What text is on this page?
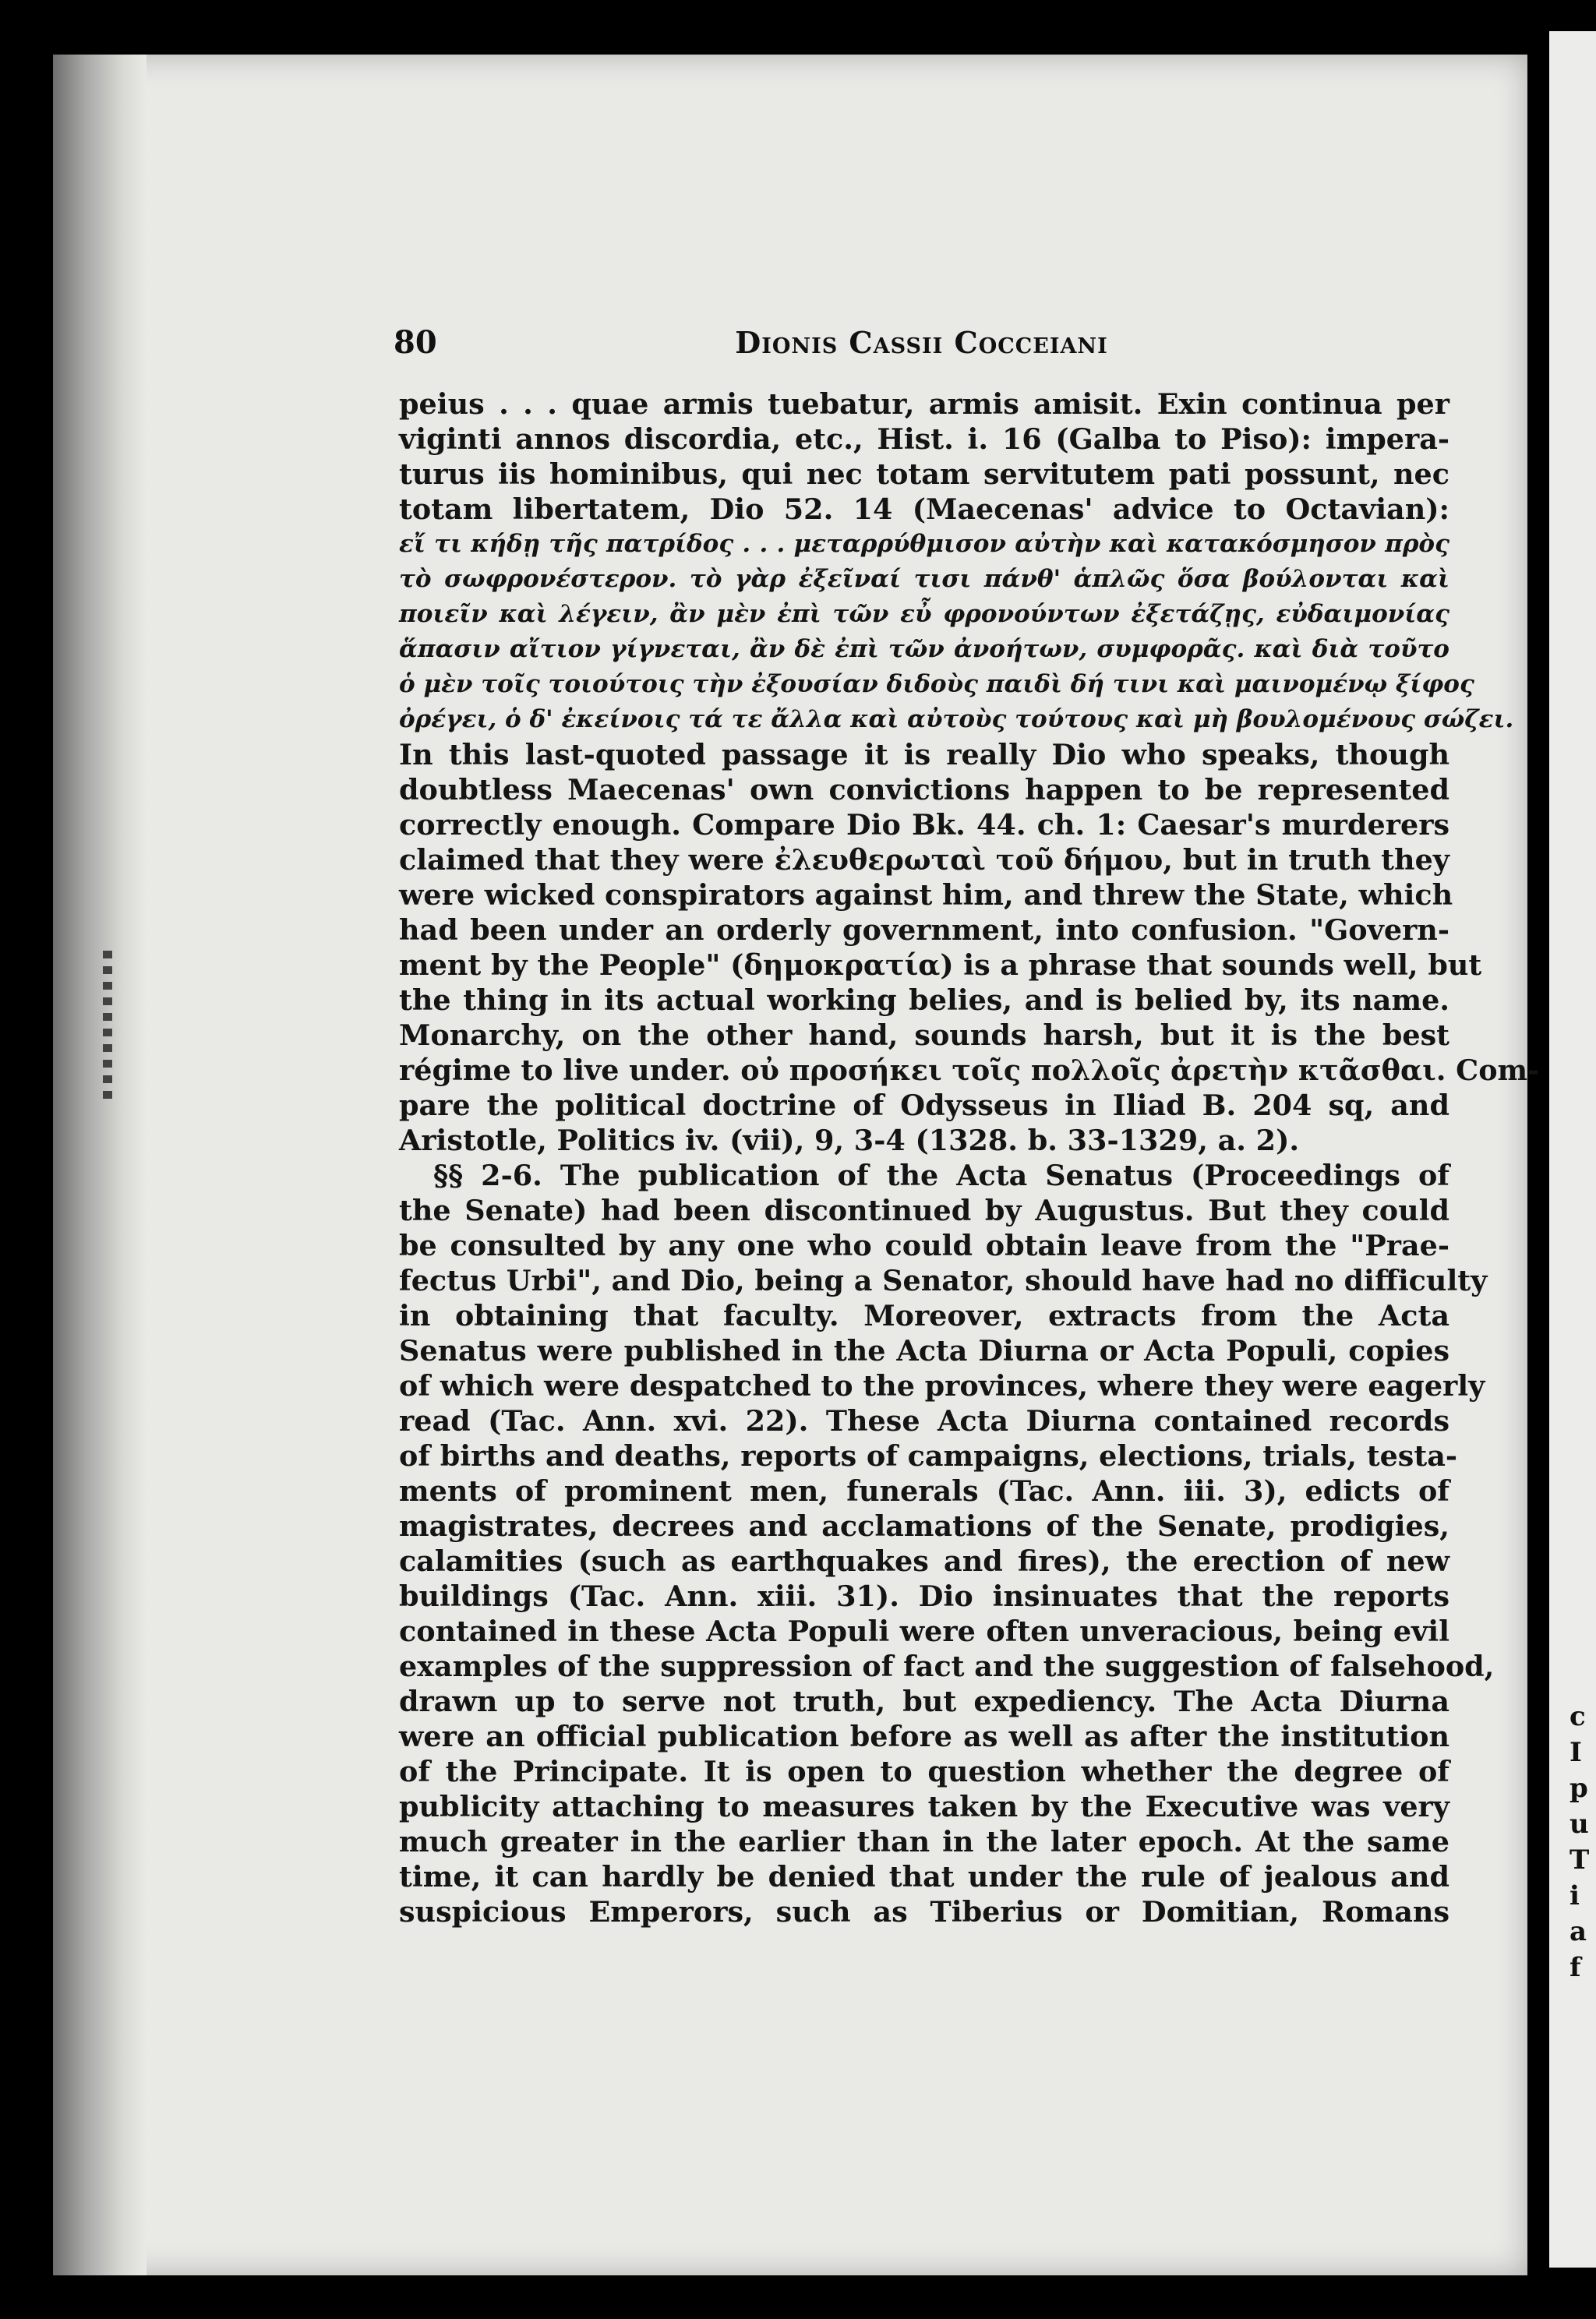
c
I
p
u
T
i
a
f
80	Dionis Cassii Cocceiani
peius . . . quae armis tuebatur, armis amisit. Exin continua per
viginti annos discordia, etc., Hist. i. 16 (Galba to Piso): impera-
turus iis hominibus, qui nec totam servitutem pati possunt, nec
totam libertatem, Dio 52. 14 (Maecenas' advice to Octavian):
εἴ τι κήδῃ τῆς πατρίδος . . . μεταρρύθμισον αὐτὴν καὶ κατακόσμησον πρὸς
τὸ σωφρονέστερον. τὸ γὰρ ἐξεῖναί τισι πάνθ' ἁπλῶς ὅσα βούλονται καὶ
ποιεῖν καὶ λέγειν, ἂν μὲν ἐπὶ τῶν εὖ φρονούντων ἐξετάζῃς, εὐδαιμονίας
ἅπασιν αἴτιον γίγνεται, ἂν δὲ ἐπὶ τῶν ἀνοήτων, συμφορᾶς. καὶ διὰ τοῦτο
ὁ μὲν τοῖς τοιούτοις τὴν ἐξουσίαν διδοὺς παιδὶ δή τινι καὶ μαινομένῳ ξίφος
ὀρέγει, ὁ δ' ἐκείνοις τά τε ἄλλα καὶ αὐτοὺς τούτους καὶ μὴ βουλομένους σώζει.
In this last-quoted passage it is really Dio who speaks, though
doubtless Maecenas' own convictions happen to be represented
correctly enough. Compare Dio Bk. 44. ch. 1: Caesar's murderers
claimed that they were ἐλευθερωταὶ τοῦ δήμου, but in truth they
were wicked conspirators against him, and threw the State, which
had been under an orderly government, into confusion. "Govern-
ment by the People" (δημοκρατία) is a phrase that sounds well, but
the thing in its actual working belies, and is belied by, its name.
Monarchy, on the other hand, sounds harsh, but it is the best
régime to live under. οὐ προσήκει τοῖς πολλοῖς ἀρετὴν κτᾶσθαι. Com-
pare the political doctrine of Odysseus in Iliad B. 204 sq, and
Aristotle, Politics iv. (vii), 9, 3-4 (1328. b. 33-1329, a. 2).
§§ 2-6. The publication of the Acta Senatus (Proceedings of
the Senate) had been discontinued by Augustus. But they could
be consulted by any one who could obtain leave from the "Prae-
fectus Urbi", and Dio, being a Senator, should have had no difficulty
in obtaining that faculty. Moreover, extracts from the Acta
Senatus were published in the Acta Diurna or Acta Populi, copies
of which were despatched to the provinces, where they were eagerly
read (Tac. Ann. xvi. 22). These Acta Diurna contained records
of births and deaths, reports of campaigns, elections, trials, testa-
ments of prominent men, funerals (Tac. Ann. iii. 3), edicts of
magistrates, decrees and acclamations of the Senate, prodigies,
calamities (such as earthquakes and fires), the erection of new
buildings (Tac. Ann. xiii. 31). Dio insinuates that the reports
contained in these Acta Populi were often unveracious, being evil
examples of the suppression of fact and the suggestion of falsehood,
drawn up to serve not truth, but expediency. The Acta Diurna
were an official publication before as well as after the institution
of the Principate. It is open to question whether the degree of
publicity attaching to measures taken by the Executive was very
much greater in the earlier than in the later epoch. At the same
time, it can hardly be denied that under the rule of jealous and
suspicious Emperors, such as Tiberius or Domitian, Romans
